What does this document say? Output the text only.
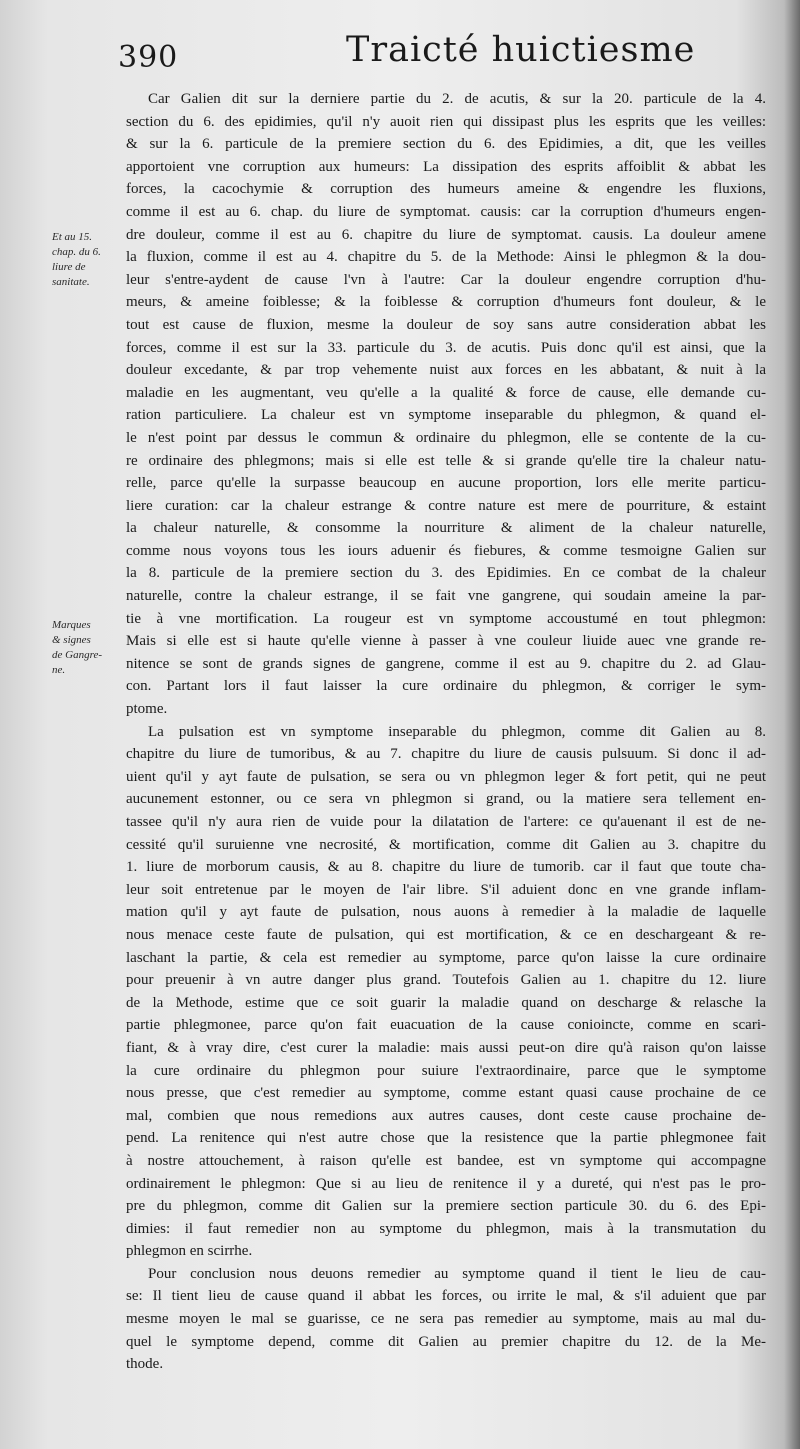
390	Traicté huictiesme
Et au 15.
chap. du 6.
liure de
sanitate.
Marques
& signes
de Gangre-
ne.
Car Galien dit sur la derniere partie du 2. de acutis, & sur la 20. particule de la 4.
section du 6. des epidimies, qu'il n'y auoit rien qui dissipast plus les esprits que les veilles:
& sur la 6. particule de la premiere section du 6. des Epidimies, a dit, que les veilles
apportoient vne corruption aux humeurs: La dissipation des esprits affoiblit & abbat les
forces, la cacochymie & corruption des humeurs ameine & engendre les fluxions,
comme il est au 6. chap. du liure de symptomat. causis: car la corruption d'humeurs engen-
dre douleur, comme il est au 6. chapitre du liure de symptomat. causis. La douleur amene
la fluxion, comme il est au 4. chapitre du 5. de la Methode: Ainsi le phlegmon & la dou-
leur s'entre-aydent de cause l'vn à l'autre: Car la douleur engendre corruption d'hu-
meurs, & ameine foiblesse; & la foiblesse & corruption d'humeurs font douleur, & le
tout est cause de fluxion, mesme la douleur de soy sans autre consideration abbat les
forces, comme il est sur la 33. particule du 3. de acutis. Puis donc qu'il est ainsi, que la
douleur excedante, & par trop vehemente nuist aux forces en les abbatant, & nuit à la
maladie en les augmentant, veu qu'elle a la qualité & force de cause, elle demande cu-
ration particuliere. La chaleur est vn symptome inseparable du phlegmon, & quand el-
le n'est point par dessus le commun & ordinaire du phlegmon, elle se contente de la cu-
re ordinaire des phlegmons; mais si elle est telle & si grande qu'elle tire la chaleur natu-
relle, parce qu'elle la surpasse beaucoup en aucune proportion, lors elle merite particu-
liere curation: car la chaleur estrange & contre nature est mere de pourriture, & estaint
la chaleur naturelle, & consomme la nourriture & aliment de la chaleur naturelle,
comme nous voyons tous les iours aduenir és fiebures, & comme tesmoigne Galien sur
la 8. particule de la premiere section du 3. des Epidimies. En ce combat de la chaleur
naturelle, contre la chaleur estrange, il se fait vne gangrene, qui soudain ameine la par-
tie à vne mortification. La rougeur est vn symptome accoustumé en tout phlegmon:
Mais si elle est si haute qu'elle vienne à passer à vne couleur liuide auec vne grande re-
nitence se sont de grands signes de gangrene, comme il est au 9. chapitre du 2. ad Glau-
con. Partant lors il faut laisser la cure ordinaire du phlegmon, & corriger le sym-
ptome.
La pulsation est vn symptome inseparable du phlegmon, comme dit Galien au 8.
chapitre du liure de tumoribus, & au 7. chapitre du liure de causis pulsuum. Si donc il ad-
uient qu'il y ayt faute de pulsation, se sera ou vn phlegmon leger & fort petit, qui ne peut
aucunement estonner, ou ce sera vn phlegmon si grand, ou la matiere sera tellement en-
tassee qu'il n'y aura rien de vuide pour la dilatation de l'artere: ce qu'auenant il est de ne-
cessité qu'il suruienne vne necrosité, & mortification, comme dit Galien au 3. chapitre du
1. liure de morborum causis, & au 8. chapitre du liure de tumorib. car il faut que toute cha-
leur soit entretenue par le moyen de l'air libre. S'il aduient donc en vne grande inflam-
mation qu'il y ayt faute de pulsation, nous auons à remedier à la maladie de laquelle
nous menace ceste faute de pulsation, qui est mortification, & ce en deschargeant & re-
laschant la partie, & cela est remedier au symptome, parce qu'on laisse la cure ordinaire
pour preuenir à vn autre danger plus grand. Toutefois Galien au 1. chapitre du 12. liure
de la Methode, estime que ce soit guarir la maladie quand on descharge & relasche la
partie phlegmonee, parce qu'on fait euacuation de la cause conioincte, comme en scari-
fiant, & à vray dire, c'est curer la maladie: mais aussi peut-on dire qu'à raison qu'on laisse
la cure ordinaire du phlegmon pour suiure l'extraordinaire, parce que le symptome
nous presse, que c'est remedier au symptome, comme estant quasi cause prochaine de ce
mal, combien que nous remedions aux autres causes, dont ceste cause prochaine de-
pend. La renitence qui n'est autre chose que la resistence que la partie phlegmonee fait
à nostre attouchement, à raison qu'elle est bandee, est vn symptome qui accompagne
ordinairement le phlegmon: Que si au lieu de renitence il y a dureté, qui n'est pas le pro-
pre du phlegmon, comme dit Galien sur la premiere section particule 30. du 6. des Epi-
dimies: il faut remedier non au symptome du phlegmon, mais à la transmutation du
phlegmon en scirrhe.
Pour conclusion nous deuons remedier au symptome quand il tient le lieu de cau-
se: Il tient lieu de cause quand il abbat les forces, ou irrite le mal, & s'il aduient que par
mesme moyen le mal se guarisse, ce ne sera pas remedier au symptome, mais au mal du-
quel le symptome depend, comme dit Galien au premier chapitre du 12. de la Me-
thode.
